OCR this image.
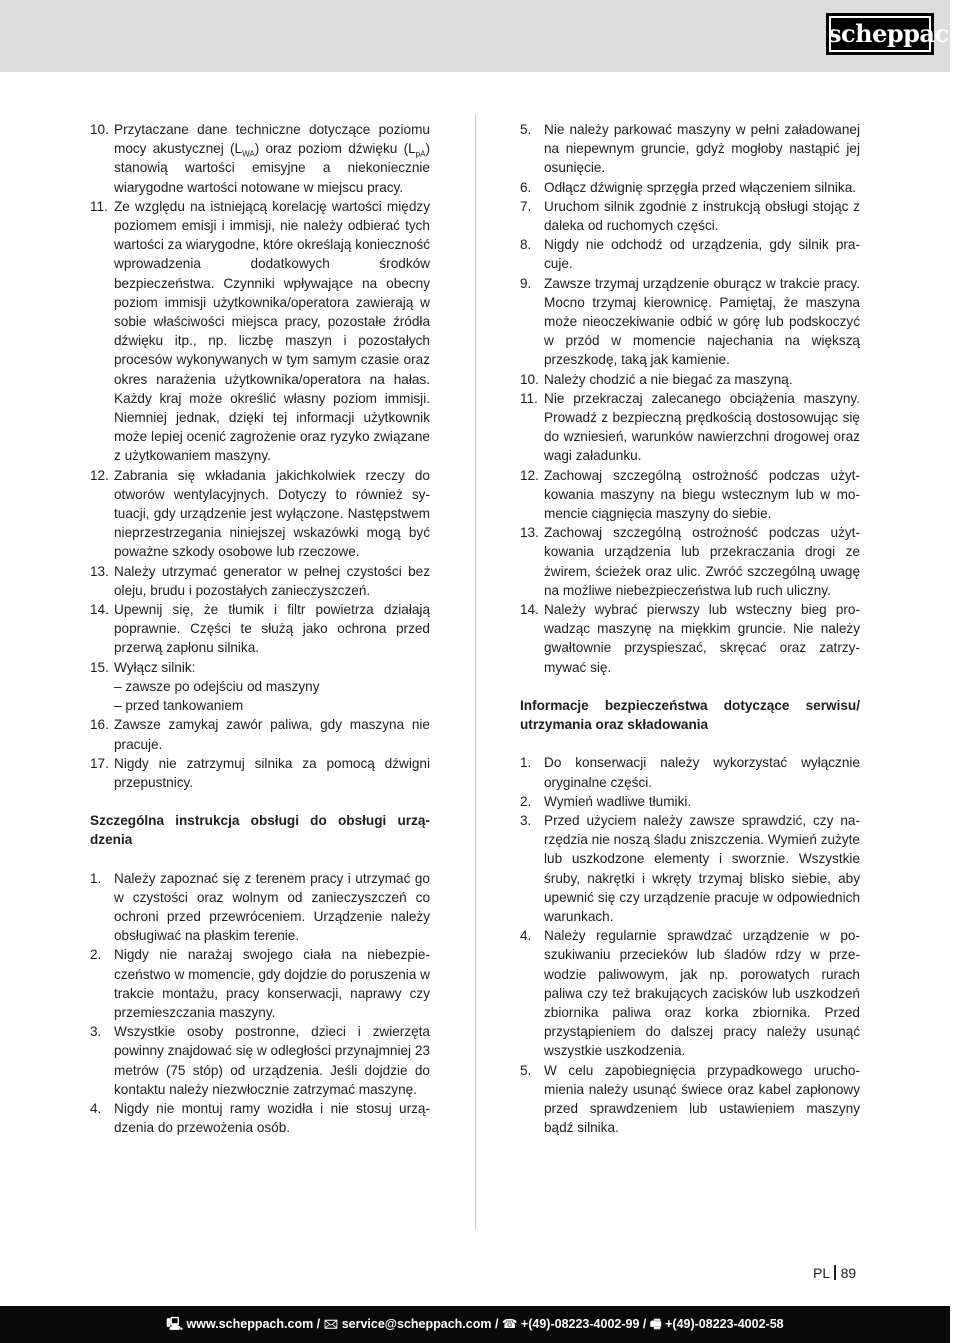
scheppach
10. Przytaczane dane techniczne dotyczące poziomu mocy akustycznej $(L_{WA})$ oraz poziom dźwięku $(L_{pA})$ stanowią wartości emisyjne a niekoniecznie wiarygodne wartości notowane w miejscu pracy.
11. Ze względu na istniejącą korelację wartości między poziomem emisji i immisji, nie należy odbierać tych wartości za wiarygodne, które określają konieczność wprowadzenia dodatkowych środków bezpieczeństwa. Czynniki wpływające na obecny poziom immisji użytkownika/operatora zawierają w sobie właściwości miejsca pracy, pozostałe źródła dźwięku itp., np. liczbę maszyn i pozostałych procesów wykonywanych w tym samym czasie oraz okres narażenia użytkownika/operatora na hałas. Każdy kraj może określić własny poziom immisji. Niemniej jednak, dzięki tej informacji użytkownik może lepiej ocenić zagrożenie oraz ryzyko związane z użytkowaniem maszyny.
12. Zabrania się wkładania jakichkolwiek rzeczy do otworów wentylacyjnych. Dotyczy to również sytuacji, gdy urządzenie jest wyłączone. Następstwem nieprzestrzegania niniejszej wskazówki mogą być poważne szkody osobowe lub rzeczowe.
13. Należy utrzymać generator w pełnej czystości bez oleju, brudu i pozostałych zanieczyszczeń.
14. Upewnij się, że tłumik i filtr powietrza działają poprawnie. Części te służą jako ochrona przed przerwą zapłonu silnika.
15. Wyłącz silnik:
– zawsze po odejściu od maszyny
– przed tankowaniem
16. Zawsze zamykaj zawór paliwa, gdy maszyna nie pracuje.
17. Nigdy nie zatrzymuj silnika za pomocą dźwigni przepustnicy.

Szczególna instrukcja obsługi do obsługi urządzenia

1. Należy zapoznać się z terenem pracy i utrzymać go w czystości oraz wolnym od zanieczyszczeń co ochroni przed przewróceniem. Urządzenie należy obsługiwać na płaskim terenie.
2. Nigdy nie narażaj swojego ciała na niebezpieczeństwo w momencie, gdy dojdzie do poruszenia w trakcie montażu, pracy konserwacji, naprawy czy przemieszczania maszyny.
3. Wszystkie osoby postronne, dzieci i zwierzęta powinny znajdować się w odległości przynajmniej 23 metrów (75 stóp) od urządzenia. Jeśli dojdzie do kontaktu należy niezwłocznie zatrzymać maszynę.
4. Nigdy nie montuj ramy wozidła i nie stosuj urządzenia do przewożenia osób.
5. Nie należy parkować maszyny w pełni załadowanej na niepewnym gruncie, gdyż mogłoby nastąpić jej osunięcie.
6. Odłącz dźwignię sprzęgła przed włączeniem silnika.
7. Uruchom silnik zgodnie z instrukcją obsługi stojąc z daleka od ruchomych części.
8. Nigdy nie odchodź od urządzenia, gdy silnik pracuje.
9. Zawsze trzymaj urządzenie oburącz w trakcie pracy. Mocno trzymaj kierownicę. Pamiętaj, że maszyna może nieoczekiwanie odbić w górę lub podskoczyć w przód w momencie najechania na większą przeszkodę, taką jak kamienie.
10. Należy chodzić a nie biegać za maszyną.
11. Nie przekraczaj zalecanego obciążenia maszyny. Prowadź z bezpieczną prędkością dostosowując się do wzniesień, warunków nawierzchni drogowej oraz wagi załadunku.
12. Zachowaj szczególną ostrożność podczas użytkowania maszyny na biegu wstecznym lub w momencie ciągnięcia maszyny do siebie.
13. Zachowaj szczególną ostrożność podczas użytkowania urządzenia lub przekraczania drogi ze żwirem, ścieżek oraz ulic. Zwróć szczególną uwagę na możliwe niebezpieczeństwa lub ruch uliczny.
14. Należy wybrać pierwszy lub wsteczny bieg prowadząc maszynę na miękkim gruncie. Nie należy gwałtownie przyspieszać, skręcać oraz zatrzymywać się.

Informacje bezpieczeństwa dotyczące serwisu/ utrzymania oraz składowania

1. Do konserwacji należy wykorzystać wyłącznie oryginalne części.
2. Wymień wadliwe tłumiki.
3. Przed użyciem należy zawsze sprawdzić, czy narzędzia nie noszą śladu zniszczenia. Wymień zużyte lub uszkodzone elementy i sworznie. Wszystkie śruby, nakrętki i wkręty trzymaj blisko siebie, aby upewnić się czy urządzenie pracuje w odpowiednich warunkach.
4. Należy regularnie sprawdzać urządzenie w poszukiwaniu przecieków lub śladów rdzy w przewodzie paliwowym, jak np. porowatych rurach paliwa czy też brakujących zacisków lub uszkodzeń zbiornika paliwa oraz korka zbiornika. Przed przystąpieniem do dalszej pracy należy usunąć wszystkie uszkodzenia.
5. W celu zapobiegnięcia przypadkowego uruchomienia należy usunąć świece oraz kabel zapłonowy przed sprawdzeniem lub ustawieniem maszyny bądź silnika.
PL 89
🖳 www.scheppach.com / 🖂 service@scheppach.com / ☎ +(49)-08223-4002-99 / 🖷 +(49)-08223-4002-58
